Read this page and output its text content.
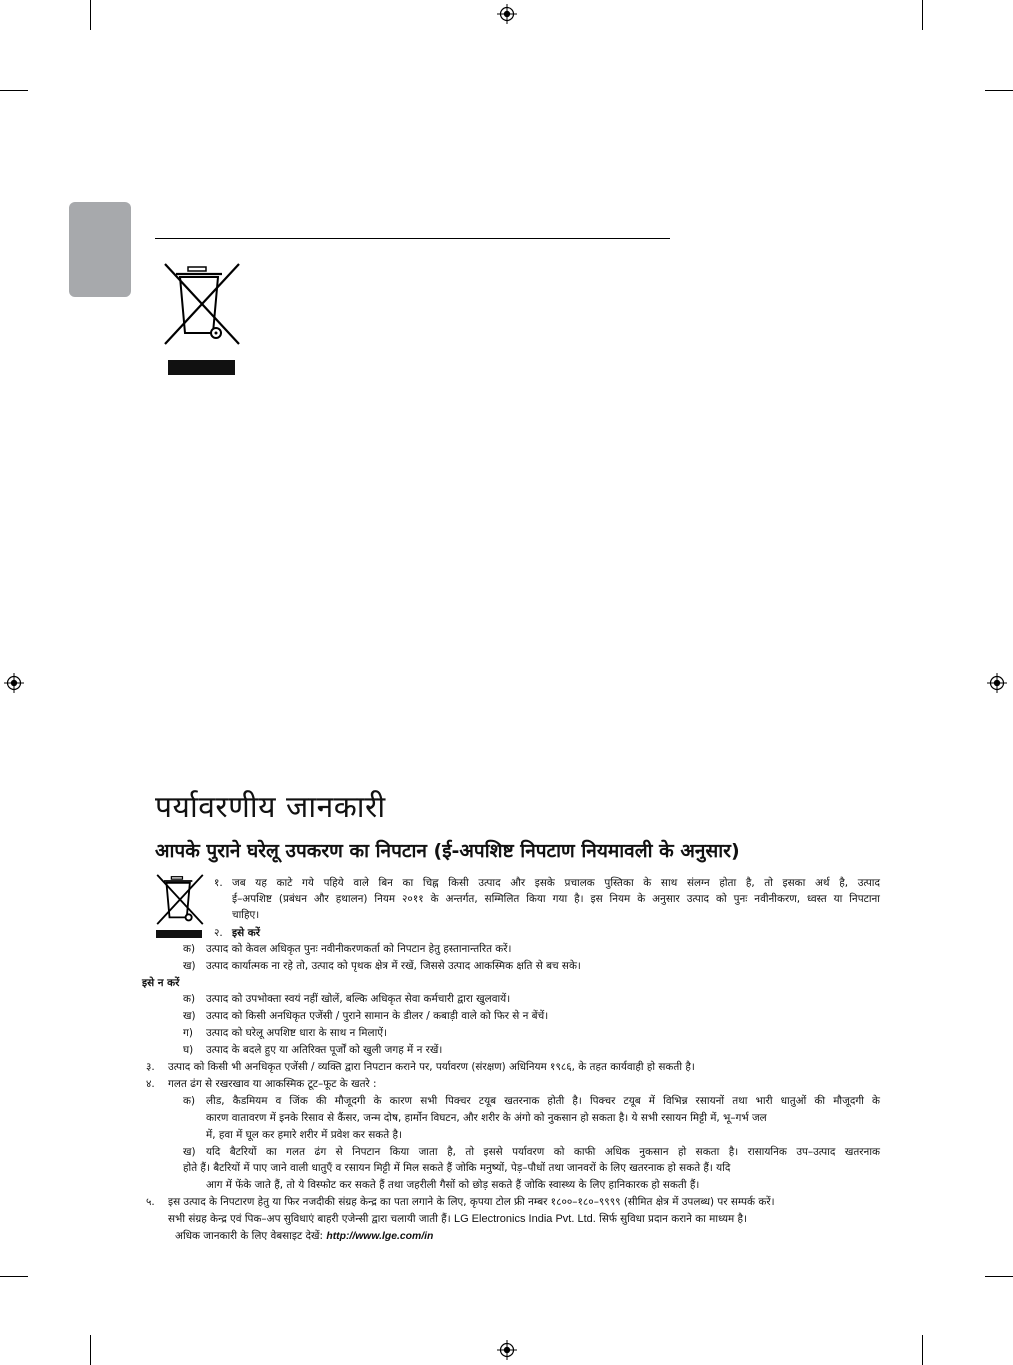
पर्यावरणीय जानकारी
आपके पुराने घरेलू उपकरण का निपटान (ई-अपशिष्ट निपटाण नियमावली के अनुसार)
१. जब यह काटे गये पहिये वाले बिन का चिह्न किसी उत्पाद और इसके प्रचालक पुस्तिका के साथ संलग्न होता है, तो इसका अर्थ है, उत्पाद
ई–अपशिष्ट (प्रबंधन और हथालन) नियम २०११ के अन्तर्गत, सम्मिलित किया गया है। इस नियम के अनुसार उत्पाद को पुनः नवीनीकरण, ध्वस्त या निपटाना
चाहिए।
२. इसे करें
क) उत्पाद को केवल अधिकृत पुनः नवीनीकरणकर्ता को निपटान हेतु हस्तानान्तरित करें।
ख) उत्पाद कार्यात्मक ना रहे तो, उत्पाद को पृथक क्षेत्र में रखें, जिससे उत्पाद आकस्मिक क्षति से बच सके।
इसे न करें
क) उत्पाद को उपभोक्ता स्वयं नहीं खोलें, बल्कि अधिकृत सेवा कर्मचारी द्वारा खुलवायें।
ख) उत्पाद को किसी अनधिकृत एजेंसी / पुराने सामान के डीलर / कबाड़ी वाले को फिर से न बेंचें।
ग) उत्पाद को घरेलू अपशिष्ट धारा के साथ न मिलाऐं।
घ) उत्पाद के बदले हुए या अतिरिक्त पूर्जों को खुली जगह में न रखें।
३. उत्पाद को किसी भी अनधिकृत एजेंसी / व्यक्ति द्वारा निपटान कराने पर, पर्यावरण (संरक्षण) अधिनियम १९८६, के तहत कार्यवाही हो सकती है।
४. गलत ढंग से रखरखाव या आकस्मिक टूट–फूट के खतरे :
क) लीड, कैडमियम व जिंक की मौजूदगी के कारण सभी पिक्चर टयूब खतरनाक होती है। पिक्चर टयूब में विभिन्न रसायनों तथा भारी धातुओं की मौजूदगी के
कारण वातावरण में इनके रिसाव से कैंसर, जन्म दोष, हार्मोन विघटन, और शरीर के अंगो को नुकसान हो सकता है। ये सभी रसायन मिट्टी में, भू–गर्भ जल
में, हवा में घूल कर हमारे शरीर में प्रवेश कर सकते है।
ख) यदि बैटरियों का गलत ढंग से निपटान किया जाता है, तो इससे पर्यावरण को काफी अधिक नुकसान हो सकता है। रासायनिक उप–उत्पाद खतरनाक
होते हैं। बैटरियों में पाए जाने वाली धातुएँ व रसायन मिट्टी में मिल सकते हैं जोकि मनुष्यों, पेड़–पौधों तथा जानवरों के लिए खतरनाक हो सकते हैं। यदि
आग में फेंके जाते हैं, तो ये विस्फोट कर सकते हैं तथा जहरीली गैसों को छोड़ सकते हैं जोकि स्वास्थ्य के लिए हानिकारक हो सकती हैं।
५. इस उत्पाद के निपटारण हेतु या फिर नजदीकी संग्रह केन्द्र का पता लगाने के लिए, कृपया टोल फ्री नम्बर १८००–१८०–९९९९ (सीमित क्षेत्र में उपलब्ध) पर सम्पर्क करें।
सभी संग्रह केन्द्र एवं पिक–अप सुविधाएं बाहरी एजेन्सी द्वारा चलायी जाती हैं। LG Electronics India Pvt. Ltd. सिर्फ सुविधा प्रदान कराने का माध्यम है।
अधिक जानकारी के लिए वेबसाइट देखें: http://www.lge.com/in
